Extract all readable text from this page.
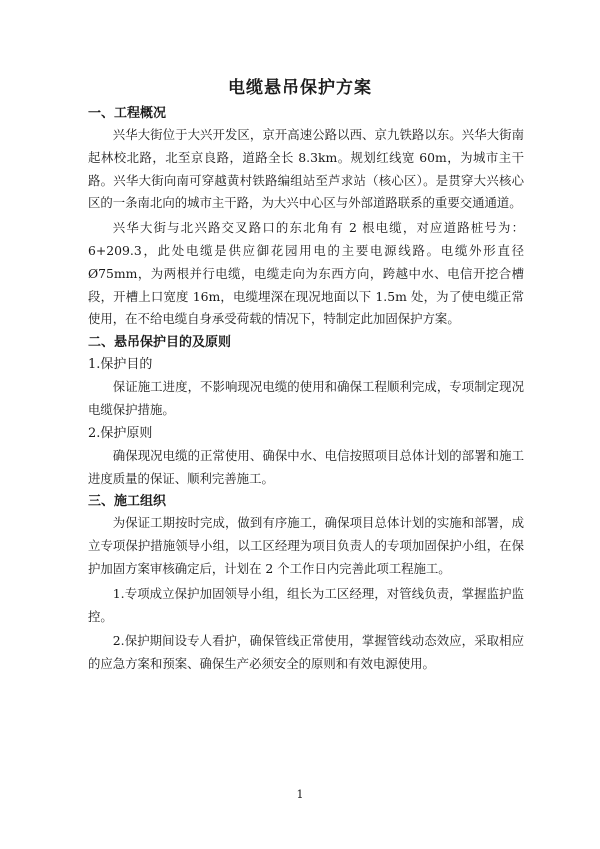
电缆悬吊保护方案
一、工程概况
兴华大街位于大兴开发区，京开高速公路以西、京九铁路以东。兴华大街南起林校北路，北至京良路，道路全长 8.3km。规划红线宽 60m，为城市主干路。兴华大街向南可穿越黄村铁路编组站至芦求站（核心区）。是贯穿大兴核心区的一条南北向的城市主干路，为大兴中心区与外部道路联系的重要交通通道。
兴华大街与北兴路交叉路口的东北角有 2 根电缆，对应道路桩号为：6+209.3，此处电缆是供应御花园用电的主要电源线路。电缆外形直径 Ø75mm，为两根并行电缆，电缆走向为东西方向，跨越中水、电信开挖合槽段，开槽上口宽度 16m，电缆埋深在现况地面以下 1.5m 处，为了使电缆正常使用，在不给电缆自身承受荷载的情况下，特制定此加固保护方案。
二、悬吊保护目的及原则
1.保护目的
保证施工进度，不影响现况电缆的使用和确保工程顺利完成，专项制定现况电缆保护措施。
2.保护原则
确保现况电缆的正常使用、确保中水、电信按照项目总体计划的部署和施工进度质量的保证、顺利完善施工。
三、施工组织
为保证工期按时完成，做到有序施工，确保项目总体计划的实施和部署，成立专项保护措施领导小组，以工区经理为项目负责人的专项加固保护小组，在保护加固方案审核确定后，计划在 2 个工作日内完善此项工程施工。
1.专项成立保护加固领导小组，组长为工区经理，对管线负责，掌握监护监控。
2.保护期间设专人看护，确保管线正常使用，掌握管线动态效应，采取相应的应急方案和预案、确保生产必须安全的原则和有效电源使用。
1
